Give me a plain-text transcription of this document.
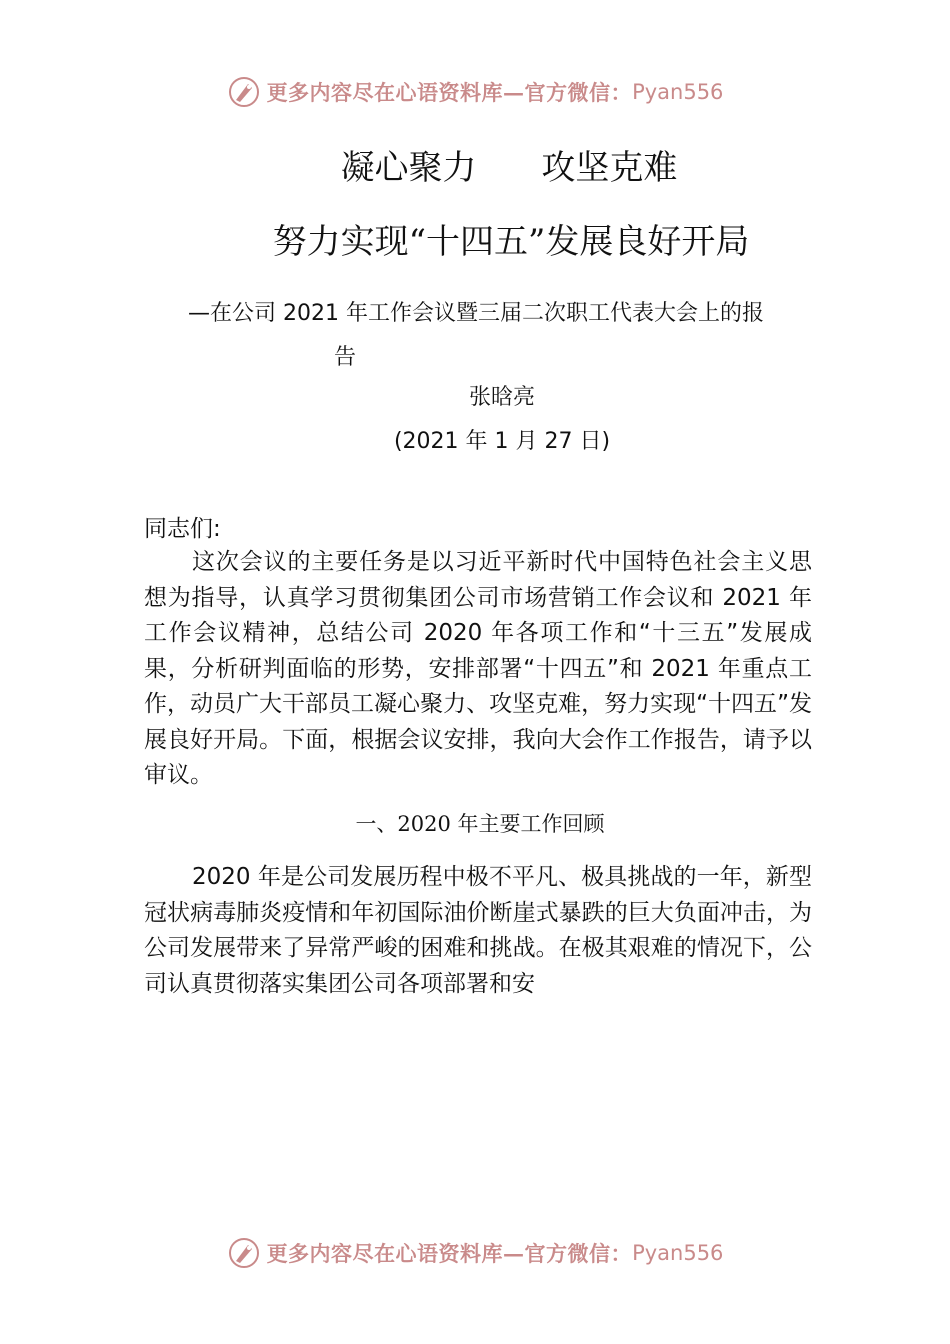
更多内容尽在心语资料库—官方微信： Pyan556
凝心聚力      攻坚克难
努力实现“十四五”发展良好开局
—在公司 2021 年工作会议暨三届二次职工代表大会上的报
告
张晗亮
(2021 年 1 月 27 日)
同志们:
这次会议的主要任务是以习近平新时代中国特色社会主义思想为指导，认真学习贯彻集团公司市场营销工作会议和 2021 年工作会议精神，总结公司 2020 年各项工作和“十三五”发展成果，分析研判面临的形势，安排部署“十四五”和 2021 年重点工作，动员广大干部员工凝心聚力、攻坚克难，努力实现“十四五”发展良好开局。下面，根据会议安排，我向大会作工作报告，请予以审议。
一、2020 年主要工作回顾
2020 年是公司发展历程中极不平凡、极具挑战的一年，新型冠状病毒肺炎疫情和年初国际油价断崖式暴跌的巨大负面冲击，为公司发展带来了异常严峻的困难和挑战。在极其艰难的情况下，公司认真贯彻落实集团公司各项部署和安
更多内容尽在心语资料库—官方微信： Pyan556
